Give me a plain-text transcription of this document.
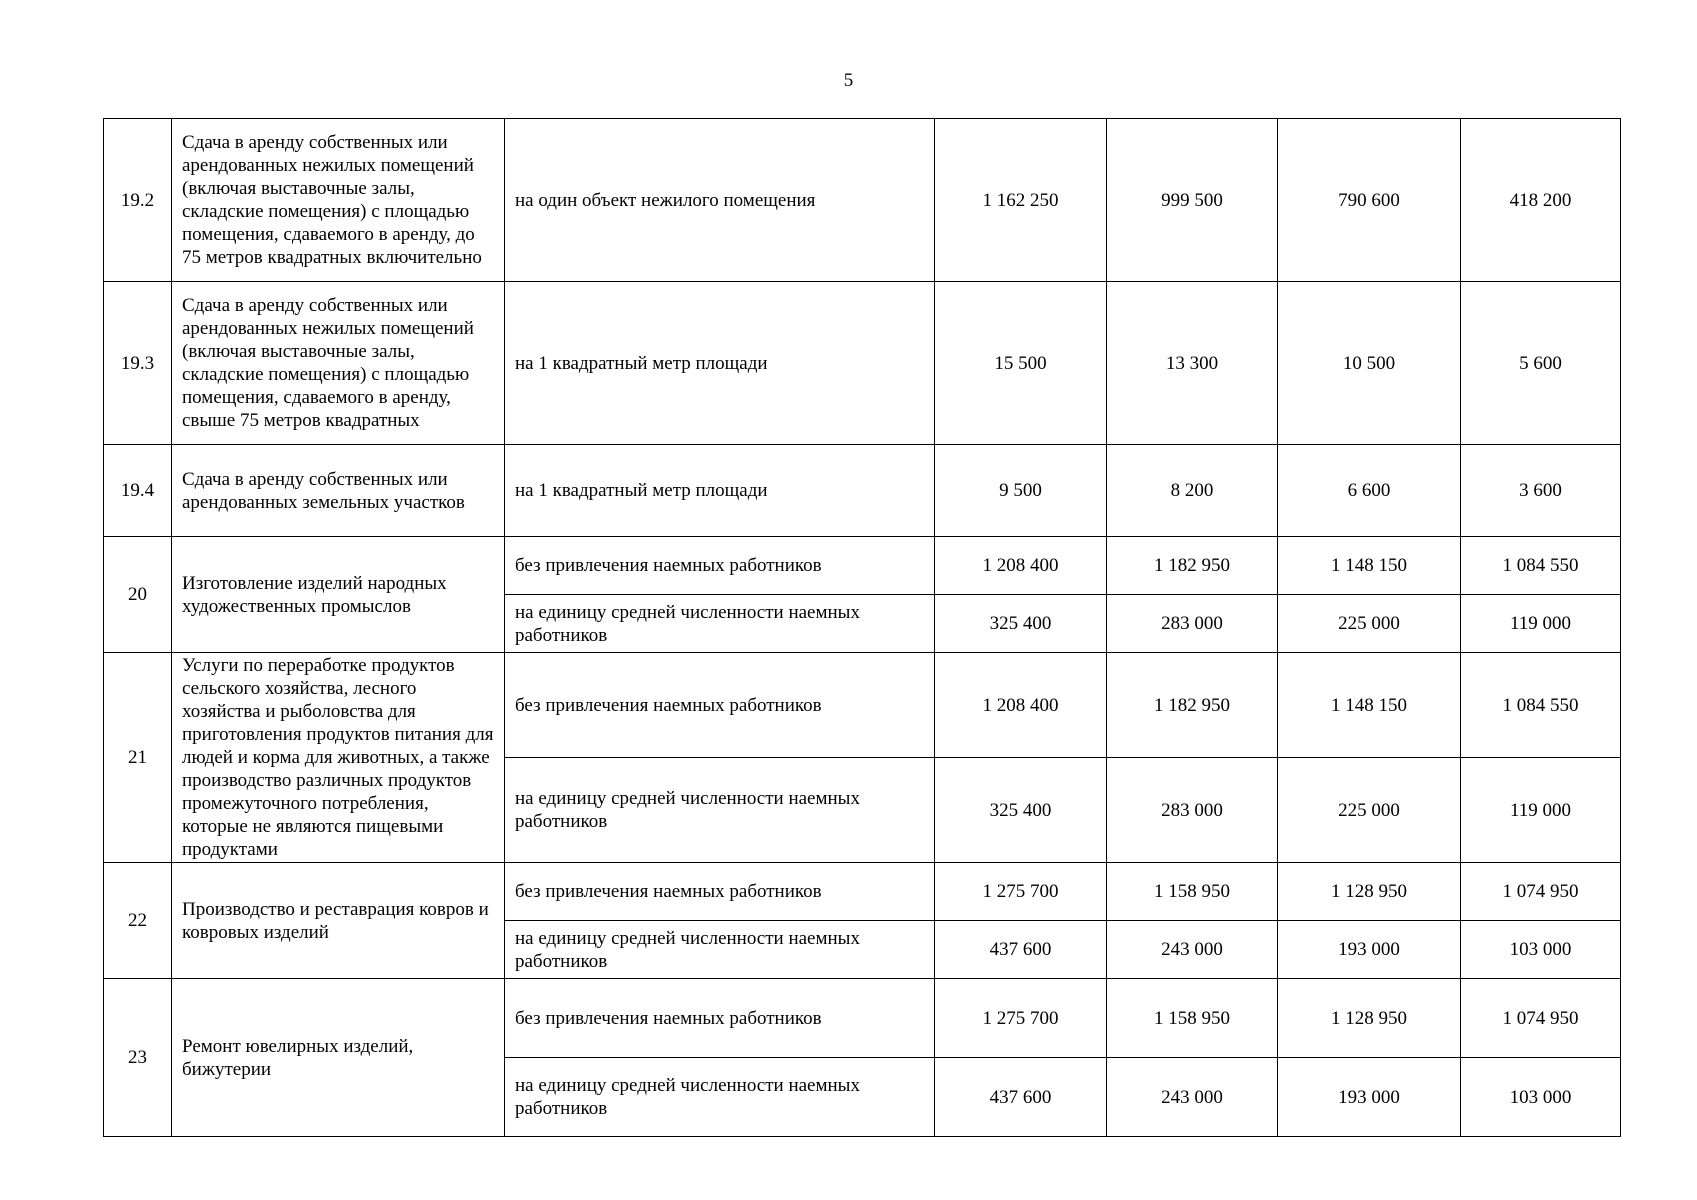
5
19.2	Сдача в аренду собственных или арендованных нежилых помещений (включая выставочные залы, складские помещения) с площадью помещения, сдаваемого в аренду, до 75 метров квадратных включительно	на один объект нежилого помещения	1 162 250	999 500	790 600	418 200
19.3	Сдача в аренду собственных или арендованных нежилых помещений (включая выставочные залы, складские помещения) с площадью помещения, сдаваемого в аренду, свыше 75 метров квадратных	на 1 квадратный метр площади	15 500	13 300	10 500	5 600
19.4	Сдача в аренду собственных или арендованных земельных участков	на 1 квадратный метр площади	9 500	8 200	6 600	3 600
20	Изготовление изделий народных художественных промыслов	без привлечения наемных работников	1 208 400	1 182 950	1 148 150	1 084 550
		на единицу средней численности наемных работников	325 400	283 000	225 000	119 000
21	Услуги по переработке продуктов сельского хозяйства, лесного хозяйства и рыболовства для приготовления продуктов питания для людей и корма для животных, а также производство различных продуктов промежуточного потребления, которые не являются пищевыми продуктами	без привлечения наемных работников	1 208 400	1 182 950	1 148 150	1 084 550
		на единицу средней численности наемных работников	325 400	283 000	225 000	119 000
22	Производство и реставрация ковров и ковровых изделий	без привлечения наемных работников	1 275 700	1 158 950	1 128 950	1 074 950
		на единицу средней численности наемных работников	437 600	243 000	193 000	103 000
23	Ремонт ювелирных изделий, бижутерии	без привлечения наемных работников	1 275 700	1 158 950	1 128 950	1 074 950
		на единицу средней численности наемных работников	437 600	243 000	193 000	103 000
